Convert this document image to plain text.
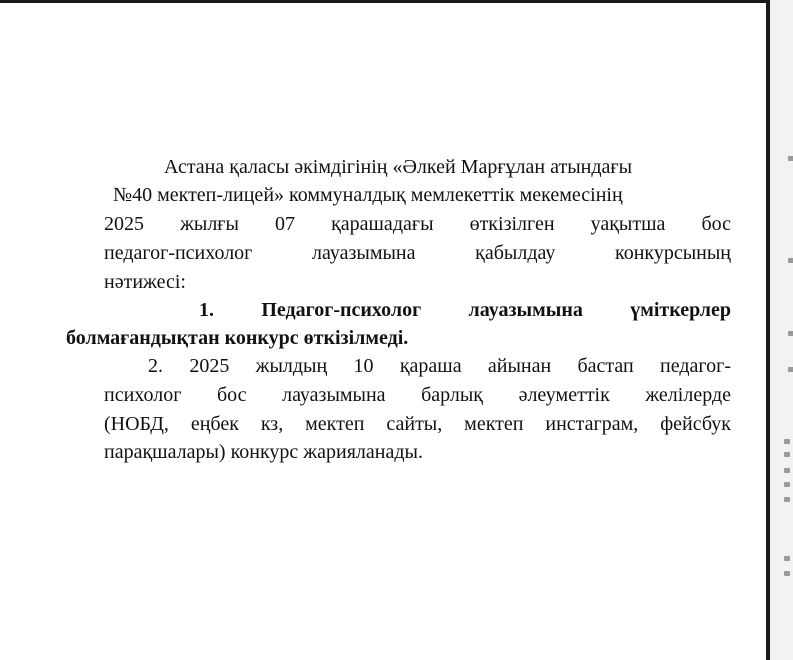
Астана қаласы әкімдігінің «Әлкей Марғұлан атындағы
№40 мектеп-лицей» коммуналдық мемлекеттік мекемесінің
2025 жылғы 07 қарашадағы өткізілген уақытша бос
педагог-психолог лауазымына қабылдау конкурсының
нәтижесі:
1. Педагог-психолог лауазымына үміткерлер
болмағандықтан конкурс өткізілмеді.
2. 2025 жылдың 10 қараша айынан бастап педагог-
психолог бос лауазымына барлық әлеуметтік желілерде
(НОБД, еңбек кз, мектеп сайты, мектеп инстаграм, фейсбук
парақшалары) конкурс жарияланады.
